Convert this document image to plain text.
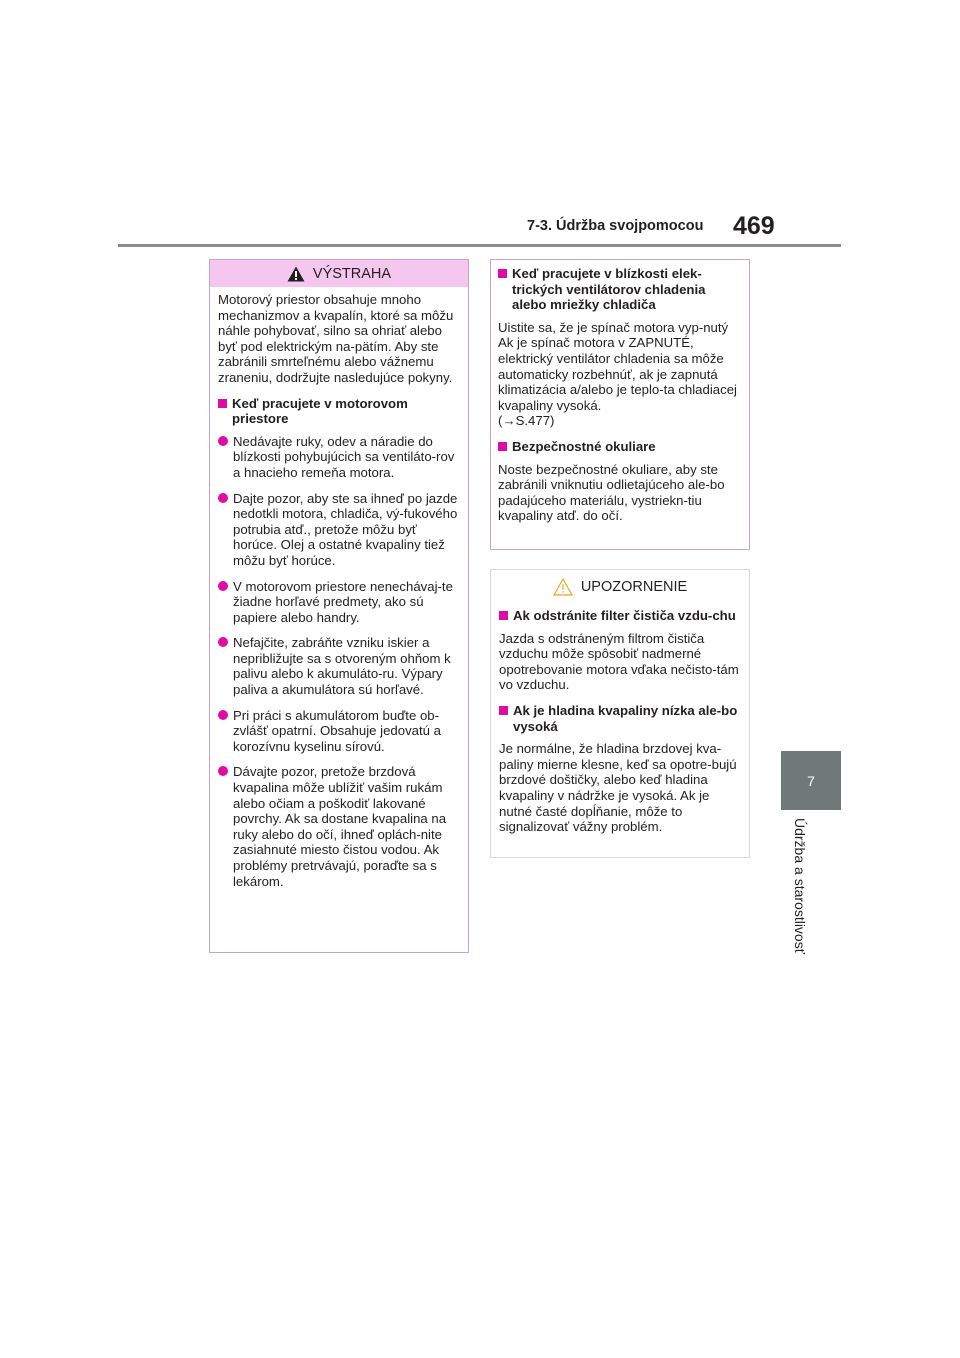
7-3. Údržba svojpomocou 469
7
Údržba a starostlivosť
VÝSTRAHA

Motorový priestor obsahuje mnoho mechanizmov a kvapalín, ktoré sa môžu náhle pohybovať, silno sa ohriať alebo byť pod elektrickým na-pätím. Aby ste zabránili smrteľnému alebo vážnemu zraneniu, dodržujte nasledujúce pokyny.

Keď pracujete v motorovom priestore

Nedávajte ruky, odev a náradie do blízkosti pohybujúcich sa ventiláto-rov a hnacieho remeňa motora.

Dajte pozor, aby ste sa ihneď po jazde nedotkli motora, chladiča, vý-fukového potrubia atď., pretože môžu byť horúce. Olej a ostatné kvapaliny tiež môžu byť horúce.

V motorovom priestore nenechávaj-te žiadne horľavé predmety, ako sú papiere alebo handry.

Nefajčite, zabráňte vzniku iskier a nepribližujte sa s otvoreným ohňom k palivu alebo k akumuláto-ru. Výpary paliva a akumulátora sú horľavé.

Pri práci s akumulátorom buďte ob-zvlášť opatrní. Obsahuje jedovatú a korozívnu kyselinu sírovú.

Dávajte pozor, pretože brzdová kvapalina môže ublížiť vašim rukám alebo očiam a poškodiť lakované povrchy. Ak sa dostane kvapalina na ruky alebo do očí, ihneď oplách-nite zasiahnuté miesto čistou vodou. Ak problémy pretrvávajú, poraďte sa s lekárom.

Keď pracujete v blízkosti elek-trických ventilátorov chladenia alebo mriežky chladiča

Uistite sa, že je spínač motora vyp-nutý
Ak je spínač motora v ZAPNUTÉ, elektrický ventilátor chladenia sa môže automaticky rozbehnúť, ak je zapnutá klimatizácia a/alebo je teplo-ta chladiacej kvapaliny vysoká.
(→S.477)

Bezpečnostné okuliare

Noste bezpečnostné okuliare, aby ste zabránili vniknutiu odlietajúceho ale-bo padajúceho materiálu, vystriekn-tiu kvapaliny atď. do očí.

UPOZORNENIE

Ak odstránite filter čističa vzdu-chu

Jazda s odstráneným filtrom čističa vzduchu môže spôsobiť nadmerné opotrebovanie motora vďaka nečisto-tám vo vzduchu.

Ak je hladina kvapaliny nízka ale-bo vysoká

Je normálne, že hladina brzdovej kva-paliny mierne klesne, keď sa opotre-bujú brzdové doštičky, alebo keď hladina kvapaliny v nádržke je vysoká. Ak je nutné časté dopĺňanie, môže to signalizovať vážny problém.
